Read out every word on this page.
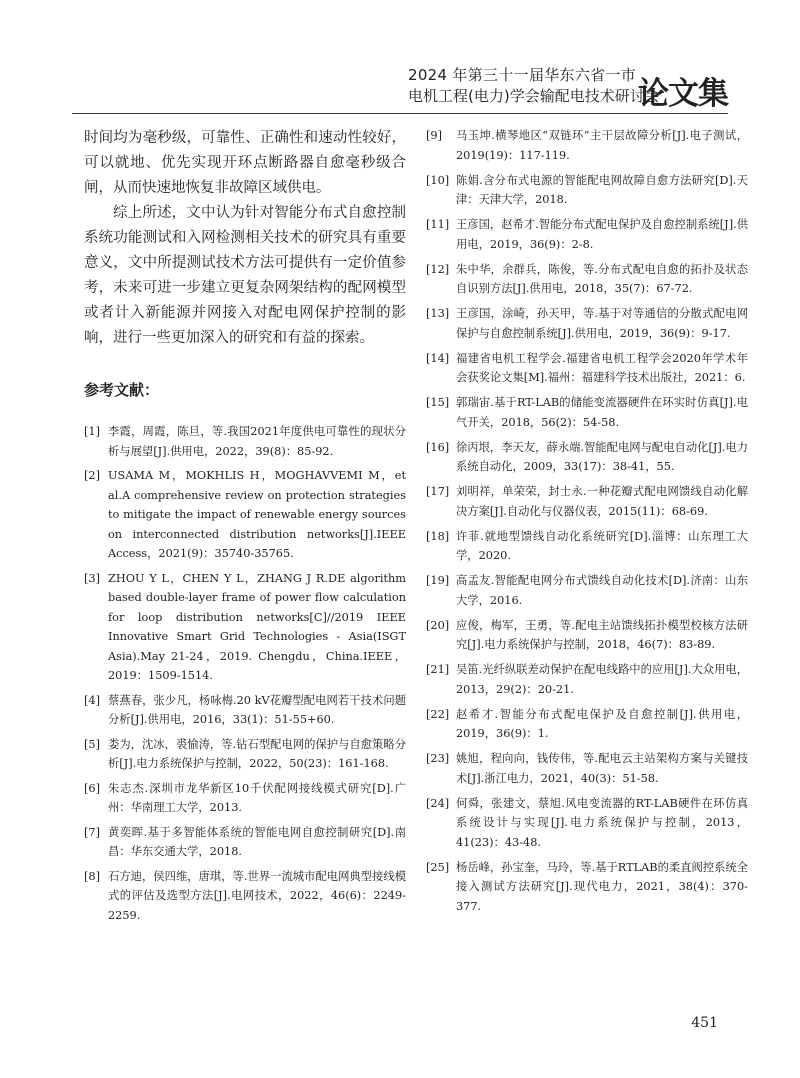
2024 年第三十一届华东六省一市
电机工程(电力)学会输配电技术研讨会
论文集

时间均为毫秒级，可靠性、正确性和速动性较好，可以就地、优先实现开环点断路器自愈毫秒级合闸，从而快速地恢复非故障区域供电。

综上所述，文中认为针对智能分布式自愈控制系统功能测试和入网检测相关技术的研究具有重要意义，文中所提测试技术方法可提供有一定价值参考，未来可进一步建立更复杂网架结构的配网模型或者计入新能源并网接入对配电网保护控制的影响，进行一些更加深入的研究和有益的探索。

参考文献：
[1] 李霞，周霞，陈旦，等.我国2021年度供电可靠性的现状分析与展望[J].供用电，2022，39(8)：85-92.
[2] USAMA M，MOKHLIS H，MOGHAVVEMI M，et al.A comprehensive review on protection strategies to mitigate the impact of renewable energy sources on interconnected distribution networks[J].IEEE Access，2021(9)：35740-35765.
[3] ZHOU Y L，CHEN Y L，ZHANG J R.DE algorithm based double-layer frame of power flow calculation for loop distribution networks[C]//2019 IEEE Innovative Smart Grid Technologies - Asia(ISGT Asia).May 21-24，2019. Chengdu，China.IEEE，2019：1509-1514.
[4] 蔡燕春，张少凡，杨咏梅.20 kV花瓣型配电网若干技术问题分析[J].供用电，2016，33(1)：51-55+60.
[5] 娄为，沈冰，裘愉涛，等.钻石型配电网的保护与自愈策略分析[J].电力系统保护与控制，2022，50(23)：161-168.
[6] 朱志杰.深圳市龙华新区10千伏配网接线模式研究[D].广州：华南理工大学，2013.
[7] 黄奕晖.基于多智能体系统的智能电网自愈控制研究[D].南昌：华东交通大学，2018.
[8] 石方迪，侯四维，唐琪，等.世界一流城市配电网典型接线模式的评估及选型方法[J].电网技术，2022，46(6)：2249-2259.
[9] 马玉坤.横琴地区“双链环”主干层故障分析[J].电子测试，2019(19)：117-119.
[10] 陈娟.含分布式电源的智能配电网故障自愈方法研究[D].天津：天津大学，2018.
[11] 王彦国，赵希才.智能分布式配电保护及自愈控制系统[J].供用电，2019，36(9)：2-8.
[12] 朱中华，余群兵，陈俊，等.分布式配电自愈的拓扑及状态自识别方法[J].供用电，2018，35(7)：67-72.
[13] 王彦国，涂崎，孙天甲，等.基于对等通信的分散式配电网保护与自愈控制系统[J].供用电，2019，36(9)：9-17.
[14] 福建省电机工程学会.福建省电机工程学会2020年学术年会获奖论文集[M].福州：福建科学技术出版社，2021：6.
[15] 郭瑞宙.基于RT-LAB的储能变流器硬件在环实时仿真[J].电气开关，2018，56(2)：54-58.
[16] 徐丙垠，李天友，薛永端.智能配电网与配电自动化[J].电力系统自动化，2009，33(17)：38-41，55.
[17] 刘明祥，单荣荣，封士永.一种花瓣式配电网馈线自动化解决方案[J].自动化与仪器仪表，2015(11)：68-69.
[18] 许菲.就地型馈线自动化系统研究[D].淄博：山东理工大学，2020.
[19] 高孟友.智能配电网分布式馈线自动化技术[D].济南：山东大学，2016.
[20] 应俊，梅军，王勇，等.配电主站馈线拓扑模型校核方法研究[J].电力系统保护与控制，2018，46(7)：83-89.
[21] 吴笛.光纤纵联差动保护在配电线路中的应用[J].大众用电，2013，29(2)：20-21.
[22] 赵希才.智能分布式配电保护及自愈控制[J].供用电，2019，36(9)：1.
[23] 姚旭，程向向，钱传伟，等.配电云主站架构方案与关键技术[J].浙江电力，2021，40(3)：51-58.
[24] 何舜，张建文，蔡旭.风电变流器的RT-LAB硬件在环仿真系统设计与实现[J].电力系统保护与控制，2013，41(23)：43-48.
[25] 杨岳峰，孙宝奎，马玲，等.基于RTLAB的柔直阀控系统全接入测试方法研究[J].现代电力，2021，38(4)：370-377.
451
